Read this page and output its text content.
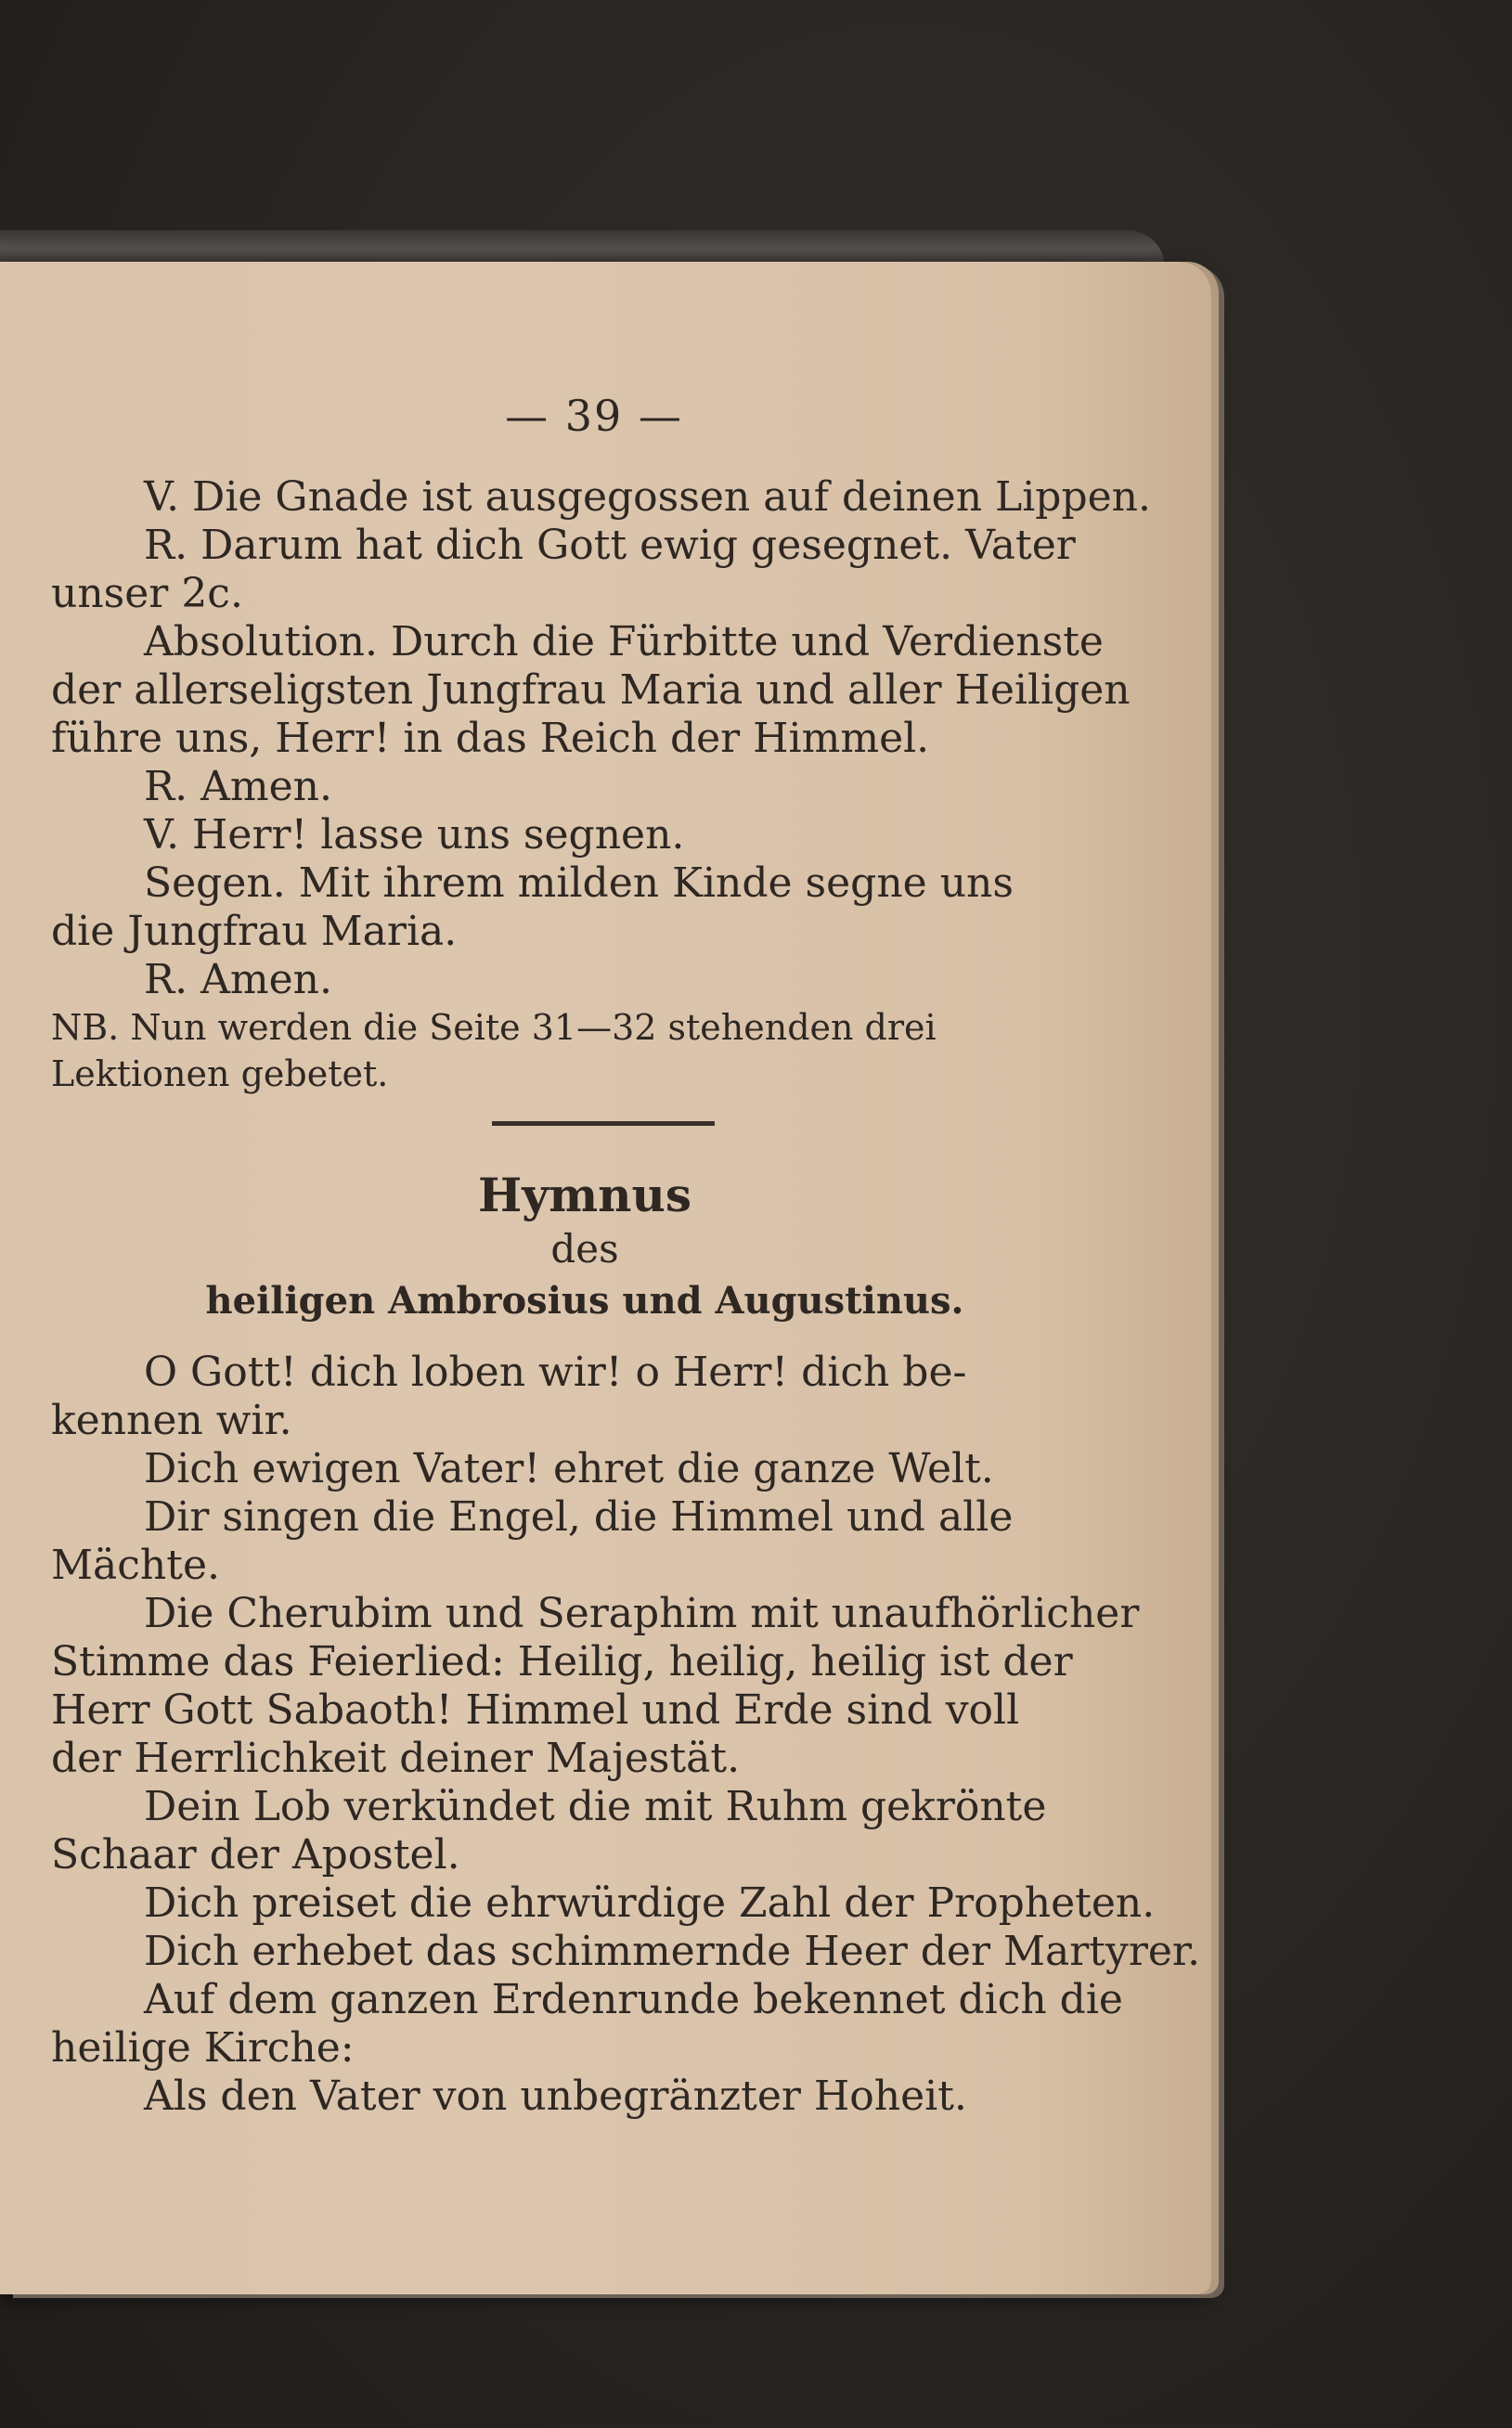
— 39 —
V. Die Gnade ist ausgegossen auf deinen Lippen.
R. Darum hat dich Gott ewig gesegnet. Vater
unser 2c.
Absolution. Durch die Fürbitte und Verdienste
der allerseligsten Jungfrau Maria und aller Heiligen
führe uns, Herr! in das Reich der Himmel.
R. Amen.
V. Herr! lasse uns segnen.
Segen. Mit ihrem milden Kinde segne uns
die Jungfrau Maria.
R. Amen.
NB. Nun werden die Seite 31—32 stehenden drei
Lektionen gebetet.
Hymnus
des
heiligen Ambrosius und Augustinus.
O Gott! dich loben wir! o Herr! dich be-
kennen wir.
Dich ewigen Vater! ehret die ganze Welt.
Dir singen die Engel, die Himmel und alle
Mächte.
Die Cherubim und Seraphim mit unaufhörlicher
Stimme das Feierlied: Heilig, heilig, heilig ist der
Herr Gott Sabaoth! Himmel und Erde sind voll
der Herrlichkeit deiner Majestät.
Dein Lob verkündet die mit Ruhm gekrönte
Schaar der Apostel.
Dich preiset die ehrwürdige Zahl der Propheten.
Dich erhebet das schimmernde Heer der Martyrer.
Auf dem ganzen Erdenrunde bekennet dich die
heilige Kirche:
Als den Vater von unbegränzter Hoheit.
